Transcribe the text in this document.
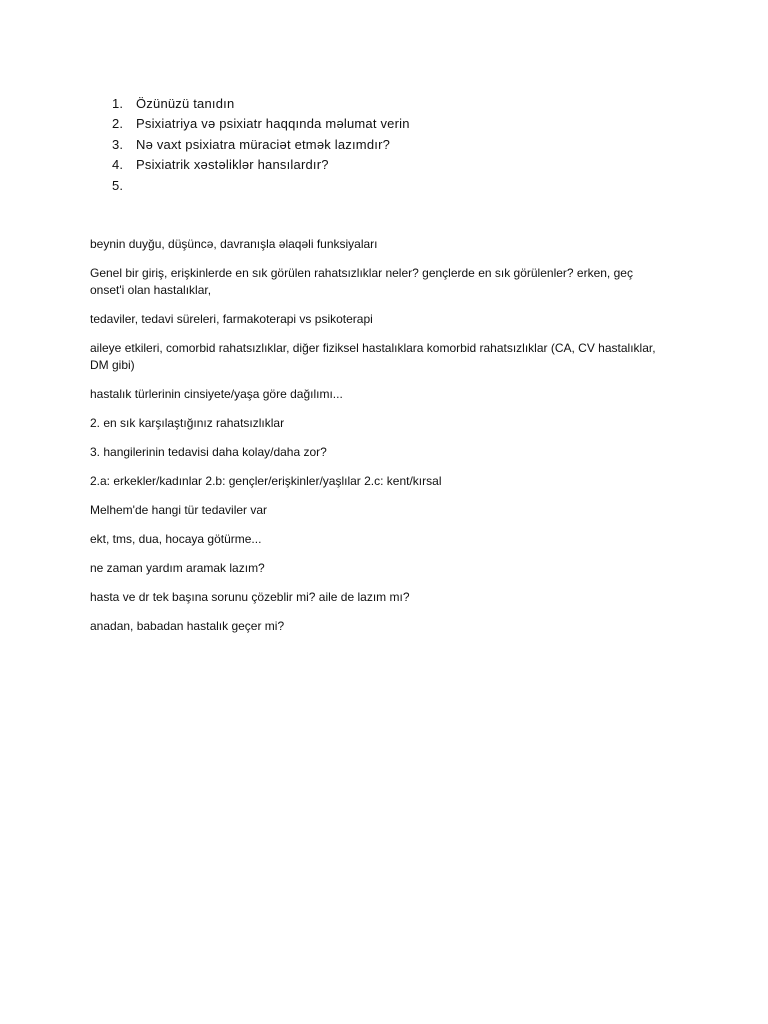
1. Özünüzü tanıdın
2. Psixiatriya və psixiatr haqqında məlumat verin
3. Nə vaxt psixiatra müraciət etmək lazımdır?
4. Psixiatrik xəstəliklər hansılardır?
5.

beynin duyğu, düşüncə, davranışla əlaqəli funksiyaları

Genel bir giriş, erişkinlerde en sık görülen rahatsızlıklar neler? gençlerde en sık görülenler? erken, geç onset'i olan hastalıklar,

tedaviler, tedavi süreleri, farmakoterapi vs psikoterapi

aileye etkileri, comorbid rahatsızlıklar, diğer fiziksel hastalıklara komorbid rahatsızlıklar (CA, CV hastalıklar, DM gibi)

hastalık türlerinin cinsiyete/yaşa göre dağılımı...

2. en sık karşılaştığınız rahatsızlıklar

3. hangilerinin tedavisi daha kolay/daha zor?

2.a: erkekler/kadınlar 2.b: gençler/erişkinler/yaşlılar 2.c: kent/kırsal

Melhem'de hangi tür tedaviler var

ekt, tms, dua, hocaya götürme...

ne zaman yardım aramak lazım?

hasta ve dr tek başına sorunu çözeblir mi? aile de lazım mı?

anadan, babadan hastalık geçer mi?
